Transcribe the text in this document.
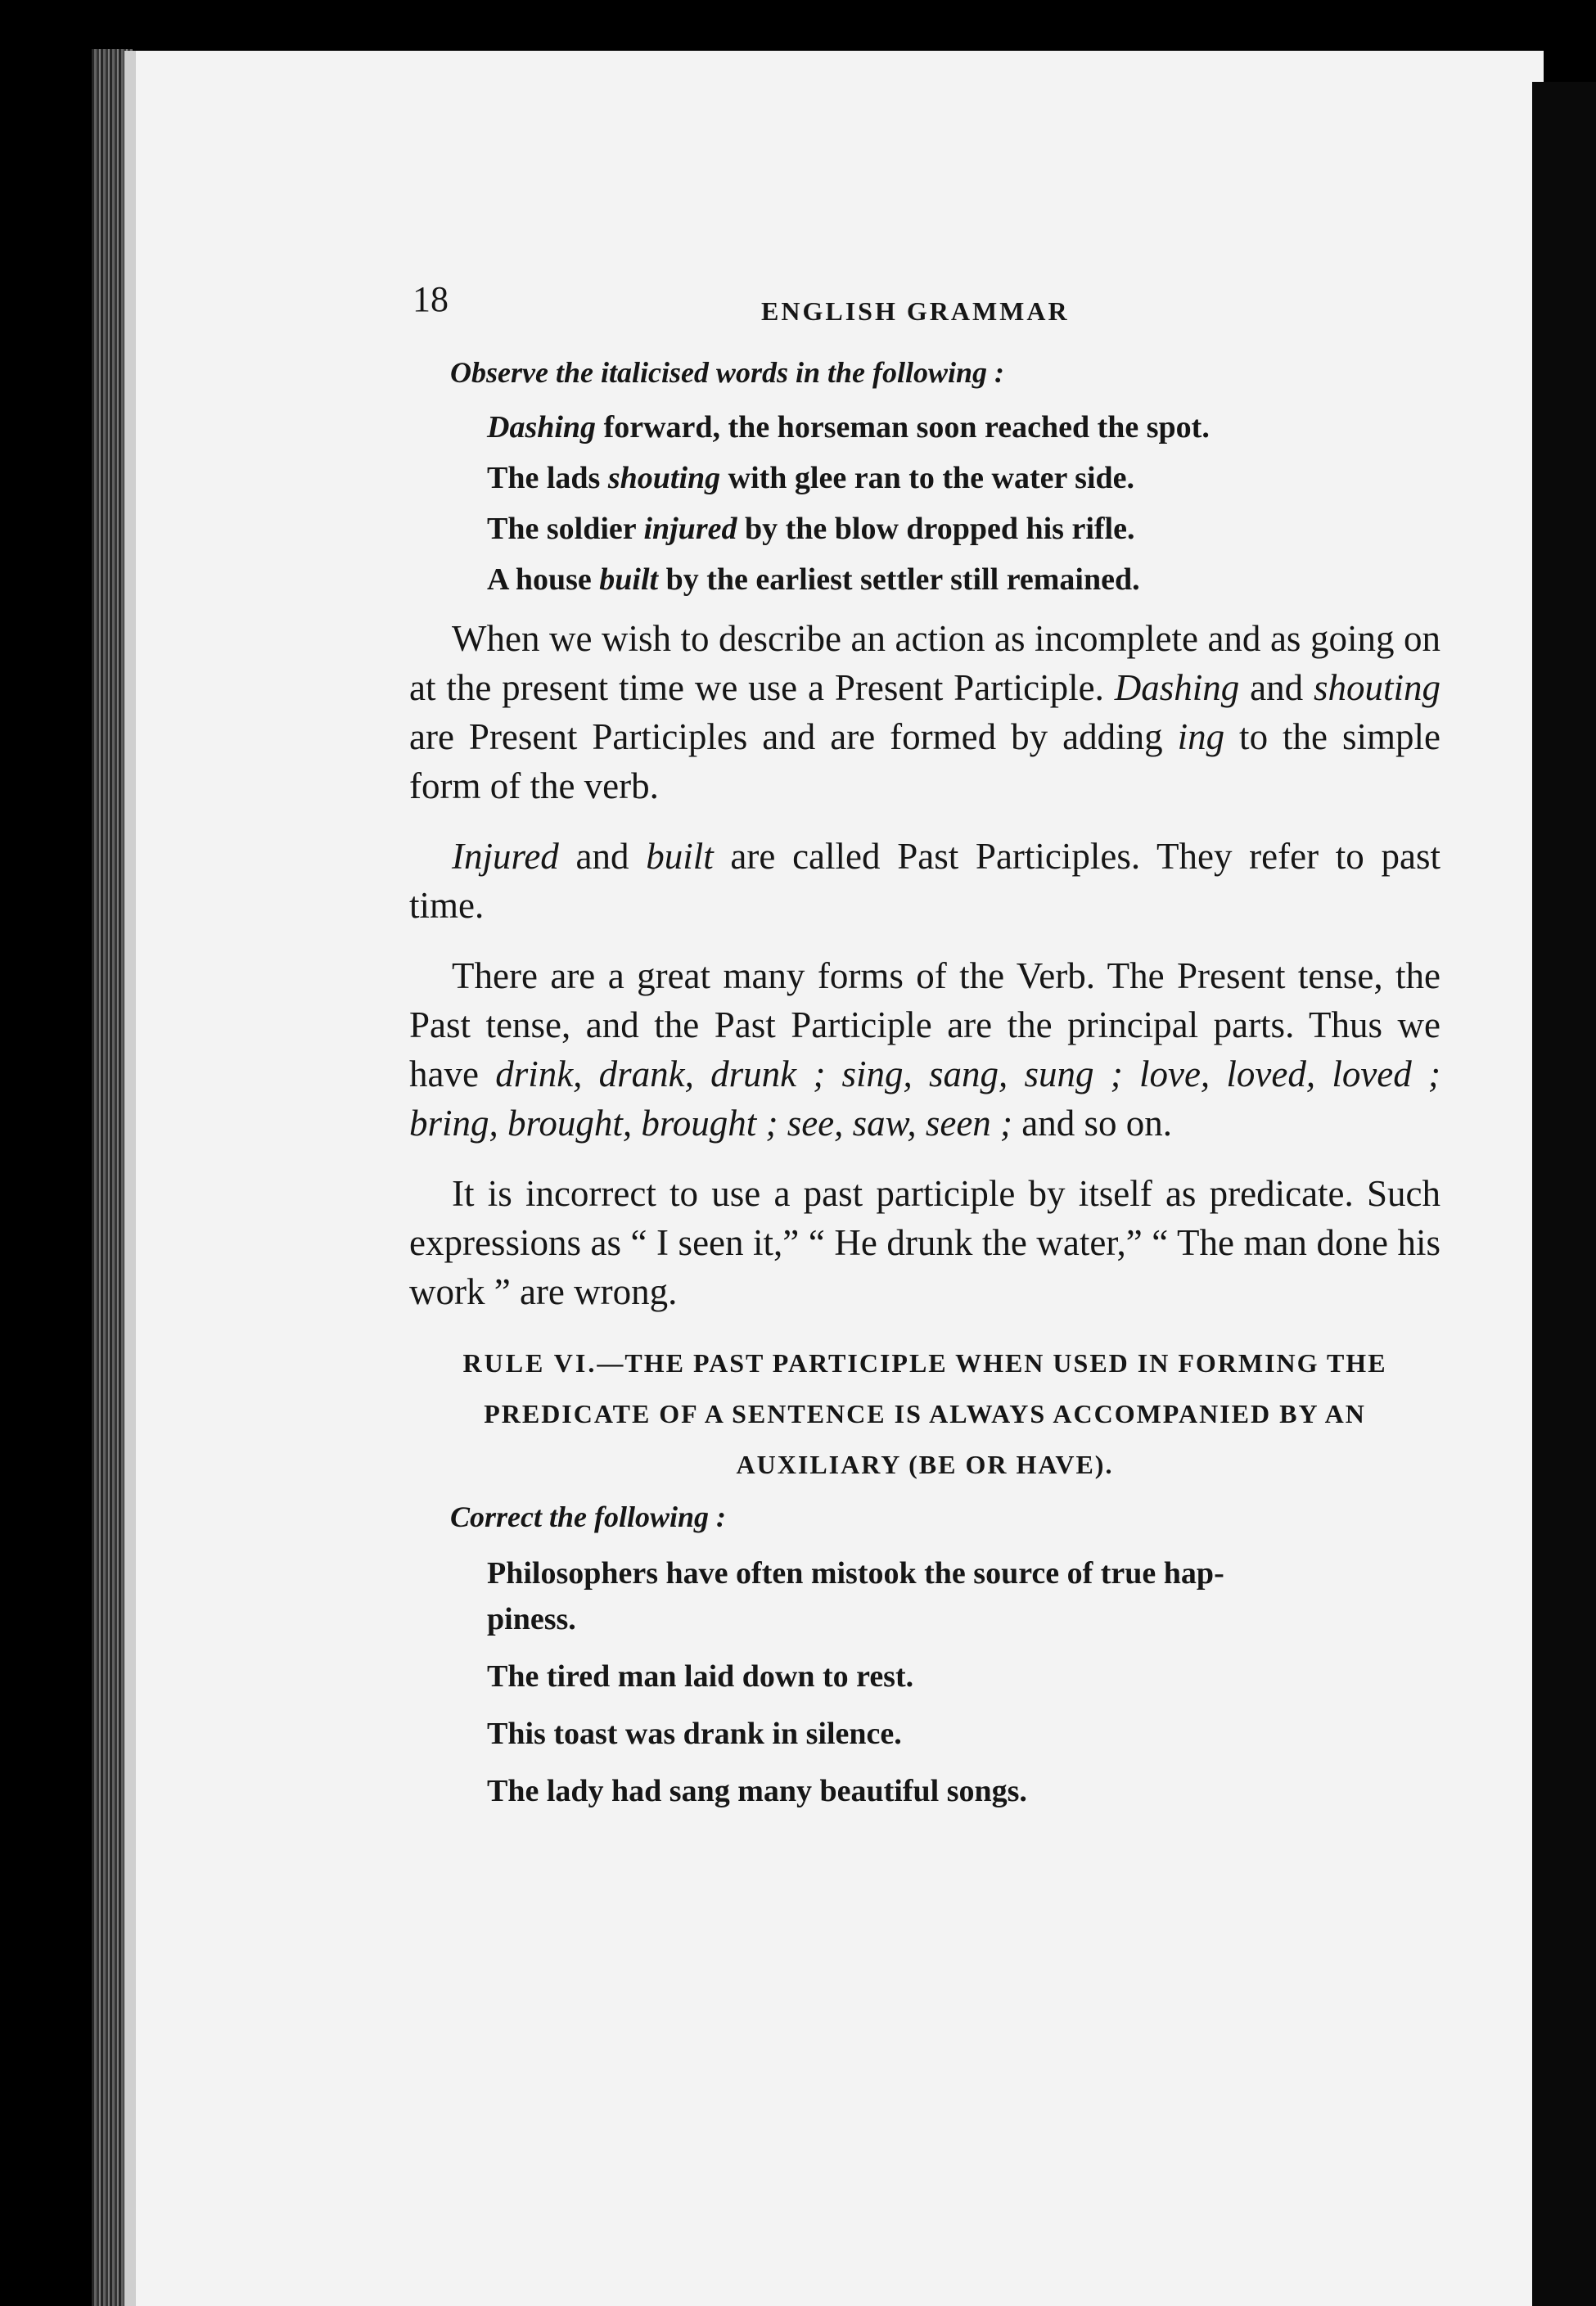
18	ENGLISH GRAMMAR
Observe the italicised words in the following :
Dashing forward, the horseman soon reached the spot.
The lads shouting with glee ran to the water side.
The soldier injured by the blow dropped his rifle.
A house built by the earliest settler still remained.

When we wish to describe an action as incomplete and as going on at the present time we use a Present Participle. Dashing and shouting are Present Participles and are formed by adding ing to the simple form of the verb.

Injured and built are called Past Participles. They refer to past time.

There are a great many forms of the Verb. The Present tense, the Past tense, and the Past Participle are the principal parts. Thus we have drink, drank, drunk ; sing, sang, sung ; love, loved, loved ; bring, brought, brought ; see, saw, seen ; and so on.

It is incorrect to use a past participle by itself as predicate. Such expressions as “ I seen it,” “ He drunk the water,” “ The man done his work ” are wrong.

RULE VI.—THE PAST PARTICIPLE WHEN USED IN FORMING THE PREDICATE OF A SENTENCE IS ALWAYS ACCOMPANIED BY AN AUXILIARY (BE OR HAVE).
Correct the following :
Philosophers have often mistook the source of true hap-
piness.
The tired man laid down to rest.
This toast was drank in silence.
The lady had sang many beautiful songs.
